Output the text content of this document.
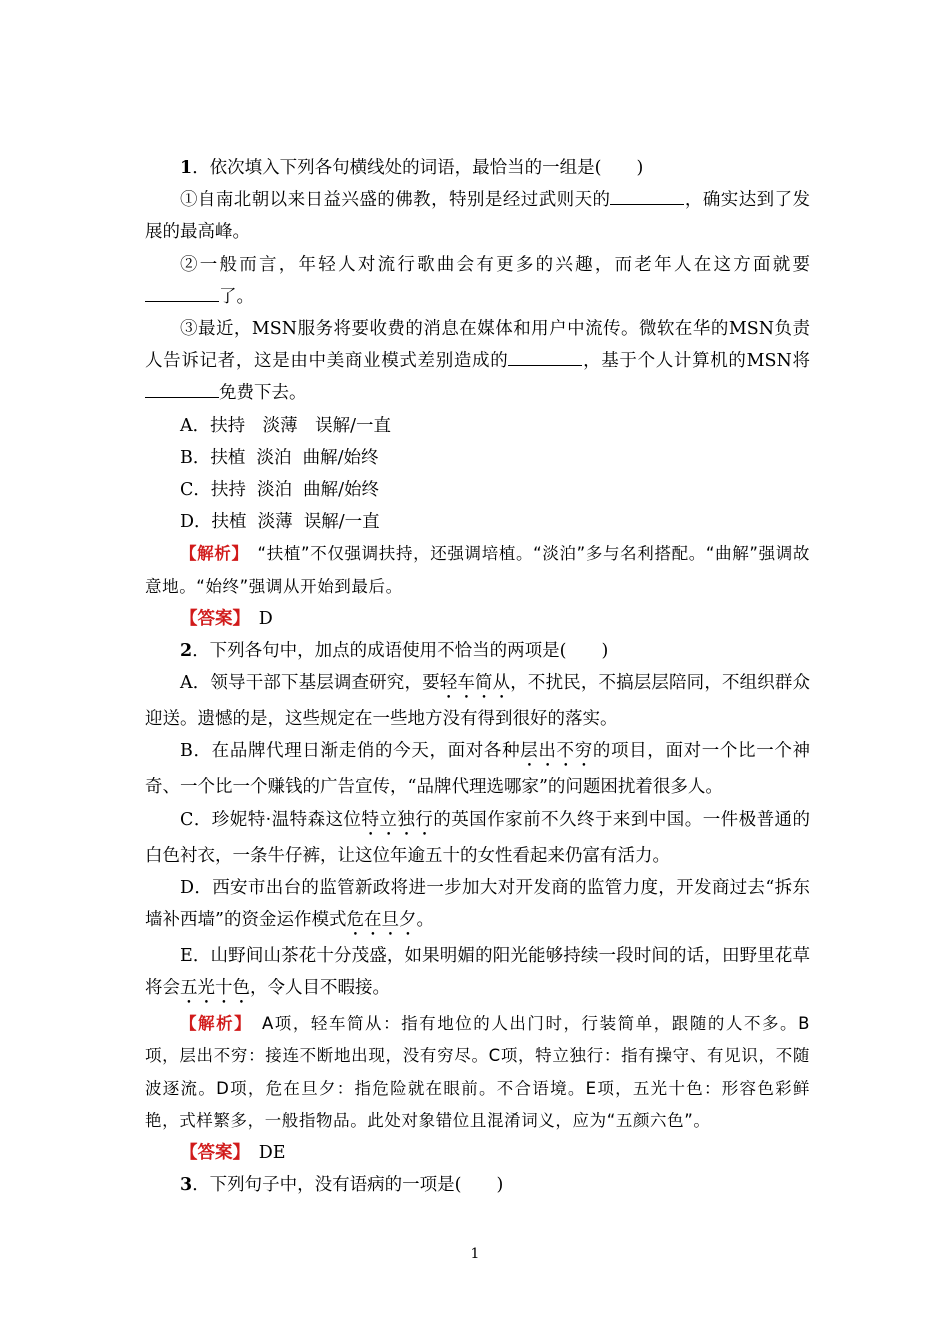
1．依次填入下列各句横线处的词语，最恰当的一组是(　　)

①自南北朝以来日益兴盛的佛教，特别是经过武则天的	，确实达到了发展的最高峰。

②一般而言，年轻人对流行歌曲会有更多的兴趣，而老年人在这方面就要了。

③最近，MSN服务将要收费的消息在媒体和用户中流传。微软在华的MSN负责人告诉记者，这是由中美商业模式差别造成的	，基于个人计算机的MSN将免费下去。

A．扶持　淡薄　误解/一直

B．扶植  淡泊  曲解/始终

C．扶持  淡泊  曲解/始终

D．扶植  淡薄  误解/一直

【解析】　“扶植”不仅强调扶持，还强调培植。“淡泊”多与名利搭配。“曲解”强调故意地。“始终”强调从开始到最后。

【答案】　D

2．下列各句中，加点的成语使用不恰当的两项是(　　)

A．领导干部下基层调查研究，要轻车简从，不扰民，不搞层层陪同，不组织群众迎送。遗憾的是，这些规定在一些地方没有得到很好的落实。

B．在品牌代理日渐走俏的今天，面对各种层出不穷的项目，面对一个比一个神奇、一个比一个赚钱的广告宣传，“品牌代理选哪家”的问题困扰着很多人。

C．珍妮特·温特森这位特立独行的英国作家前不久终于来到中国。一件极普通的白色衬衣，一条牛仔裤，让这位年逾五十的女性看起来仍富有活力。

D．西安市出台的监管新政将进一步加大对开发商的监管力度，开发商过去“拆东墙补西墙”的资金运作模式危在旦夕。

E．山野间山茶花十分茂盛，如果明媚的阳光能够持续一段时间的话，田野里花草将会五光十色，令人目不暇接。

【解析】　A项，轻车简从：指有地位的人出门时，行装简单，跟随的人不多。B项，层出不穷：接连不断地出现，没有穷尽。C项，特立独行：指有操守、有见识，不随波逐流。D项，危在旦夕：指危险就在眼前。不合语境。E项，五光十色：形容色彩鲜艳，式样繁多，一般指物品。此处对象错位且混淆词义，应为“五颜六色”。

【答案】　DE

3．下列句子中，没有语病的一项是(　　)

1
